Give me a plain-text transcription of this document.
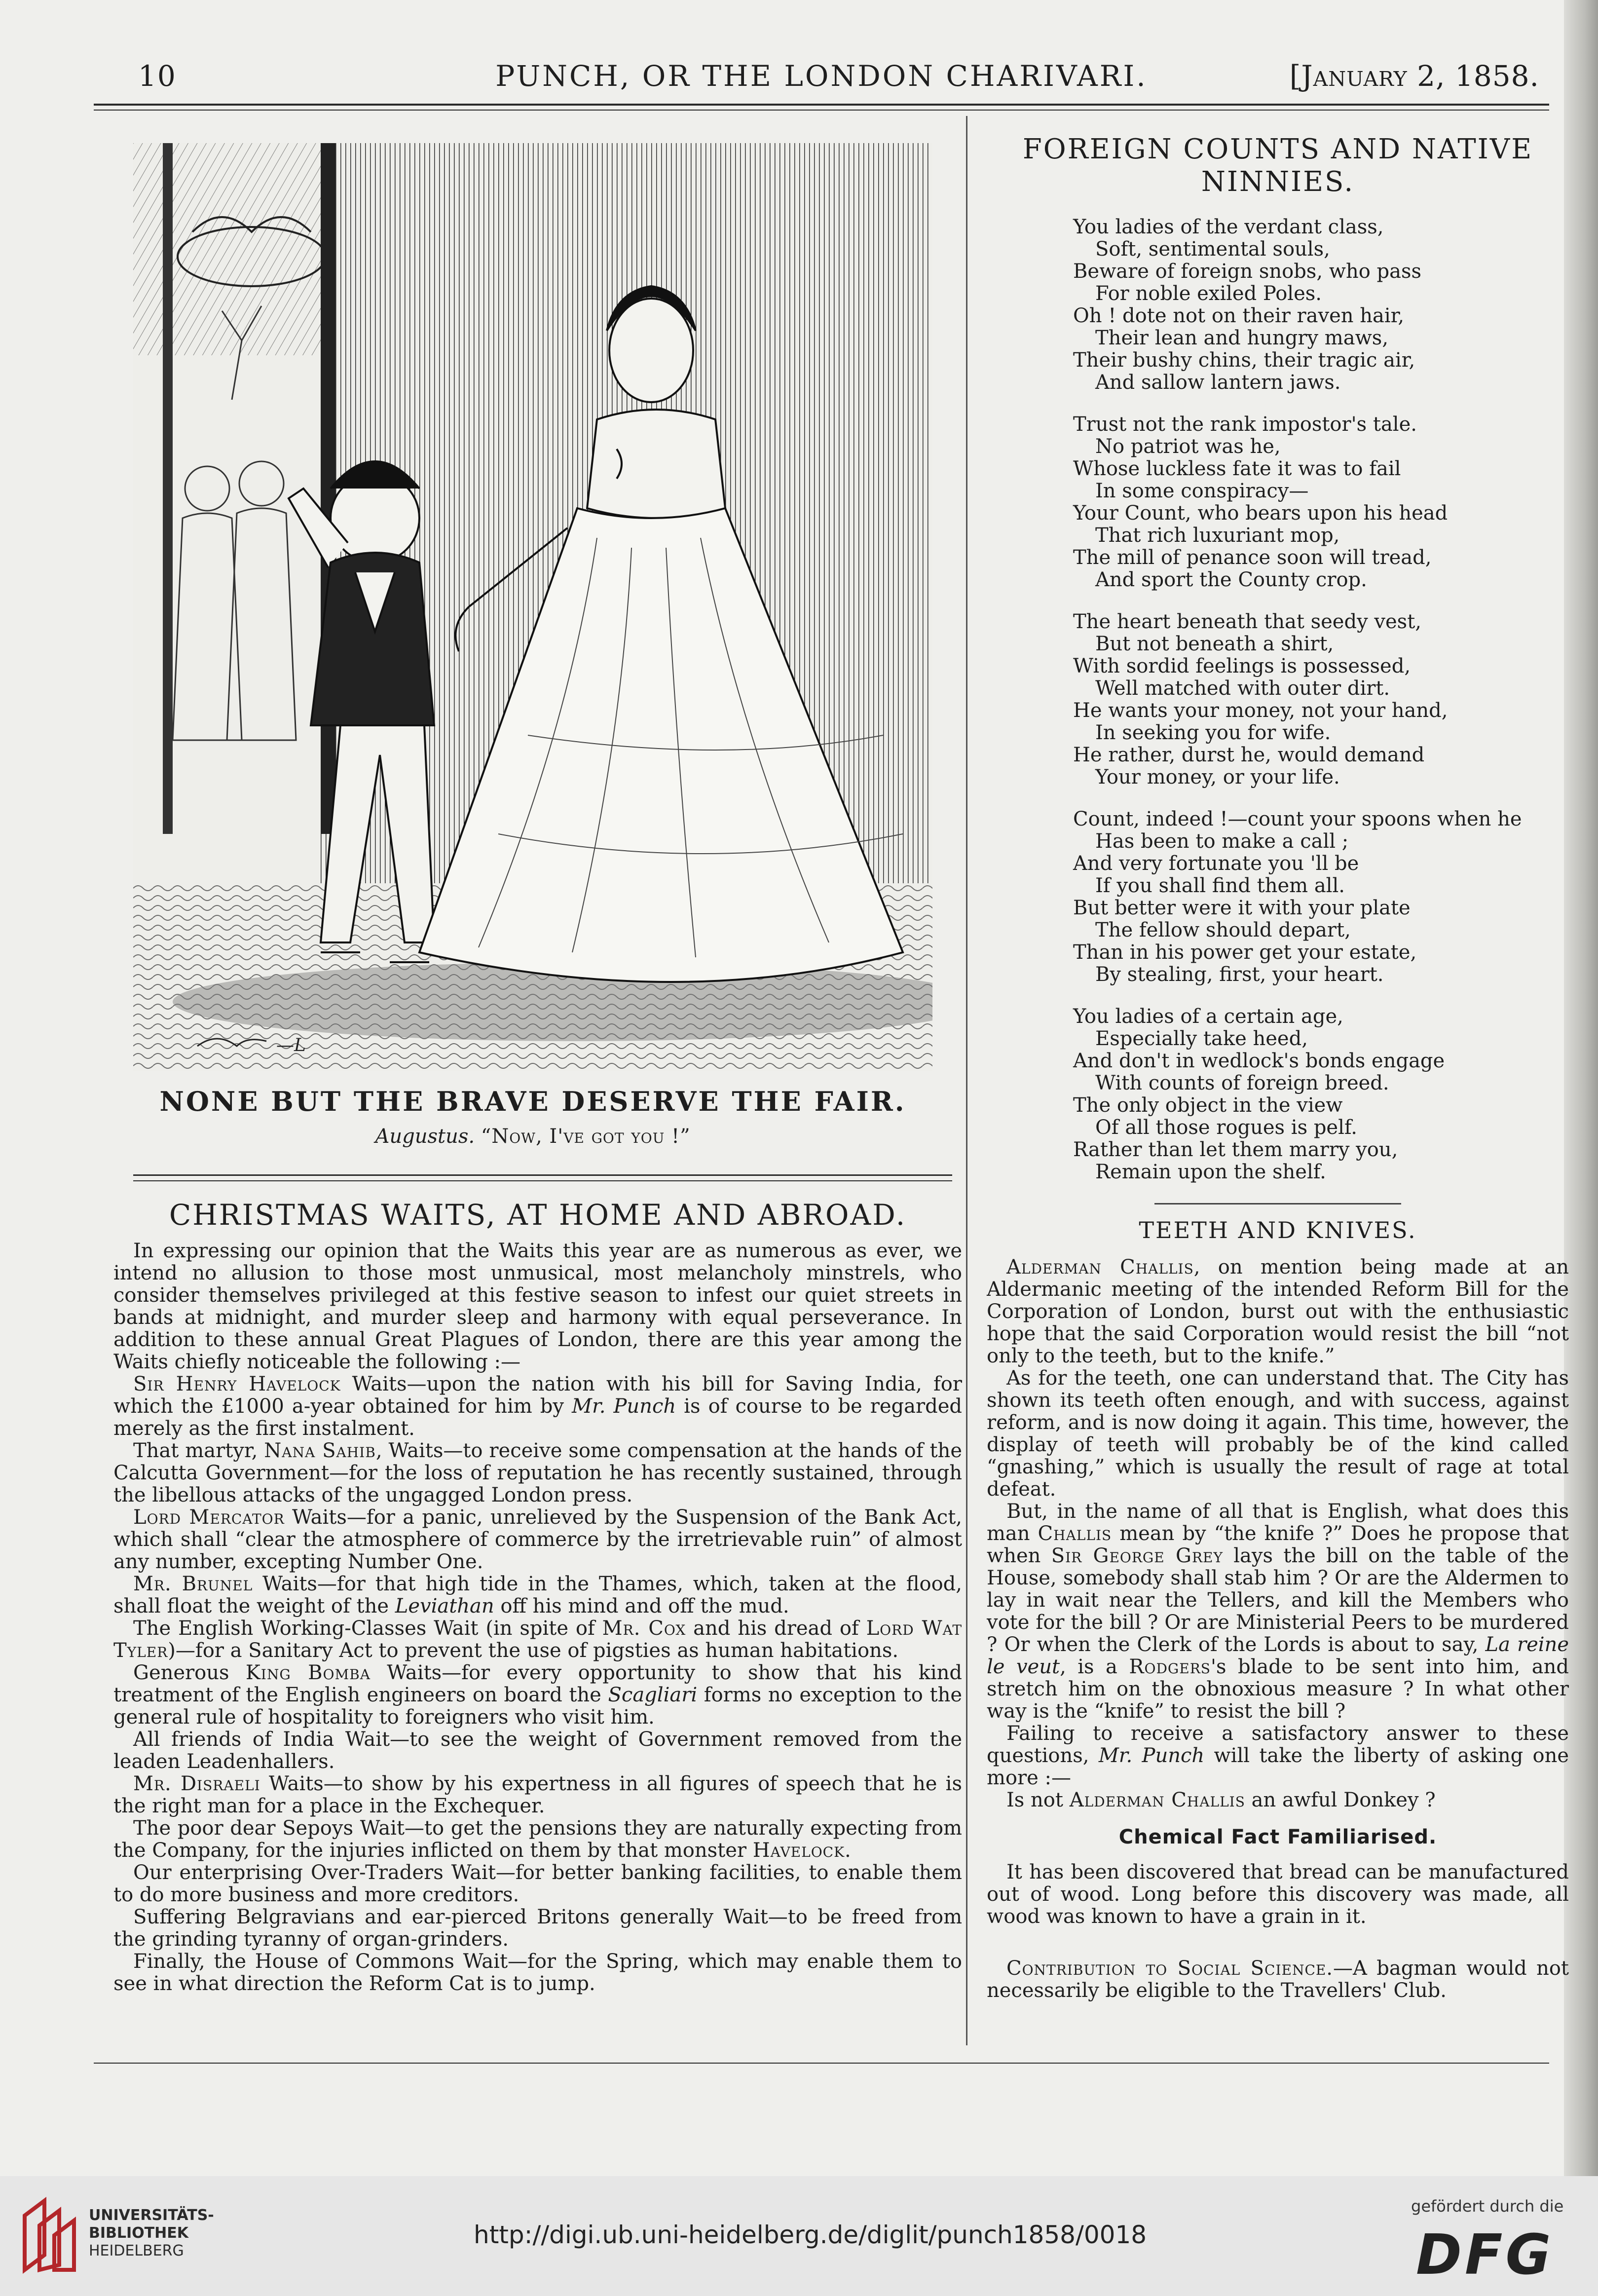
10	PUNCH, OR THE LONDON CHARIVARI.	[January 2, 1858.
—L
NONE BUT THE BRAVE DESERVE THE FAIR.
Augustus. “Now, I've got you !”
CHRISTMAS WAITS, AT HOME AND ABROAD.

In expressing our opinion that the Waits this year are as numerous as ever, we intend no allusion to those most unmusical, most melancholy minstrels, who consider themselves privileged at this festive season to infest our quiet streets in bands at midnight, and murder sleep and harmony with equal perseverance. In addition to these annual Great Plagues of London, there are this year among the Waits chiefly noticeable the following :—

Sir Henry Havelock Waits—upon the nation with his bill for Saving India, for which the £1000 a-year obtained for him by Mr. Punch is of course to be regarded merely as the first instalment.

That martyr, Nana Sahib, Waits—to receive some compensation at the hands of the Calcutta Government—for the loss of reputation he has recently sustained, through the libellous attacks of the ungagged London press.

Lord Mercator Waits—for a panic, unrelieved by the Suspension of the Bank Act, which shall “clear the atmosphere of commerce by the irretrievable ruin” of almost any number, excepting Number One.

Mr. Brunel Waits—for that high tide in the Thames, which, taken at the flood, shall float the weight of the Leviathan off his mind and off the mud.

The English Working-Classes Wait (in spite of Mr. Cox and his dread of Lord Wat Tyler)—for a Sanitary Act to prevent the use of pigsties as human habitations.

Generous King Bomba Waits—for every opportunity to show that his kind treatment of the English engineers on board the Scagliari forms no exception to the general rule of hospitality to foreigners who visit him.

All friends of India Wait—to see the weight of Government removed from the leaden Leadenhallers.

Mr. Disraeli Waits—to show by his expertness in all figures of speech that he is the right man for a place in the Exchequer.

The poor dear Sepoys Wait—to get the pensions they are naturally expecting from the Company, for the injuries inflicted on them by that monster Havelock.

Our enterprising Over-Traders Wait—for better banking facilities, to enable them to do more business and more creditors.

Suffering Belgravians and ear-pierced Britons generally Wait—to be freed from the grinding tyranny of organ-grinders.

Finally, the House of Commons Wait—for the Spring, which may enable them to see in what direction the Reform Cat is to jump.

FOREIGN COUNTS AND NATIVE NINNIES.
You ladies of the verdant class,
Soft, sentimental souls,
Beware of foreign snobs, who pass
For noble exiled Poles.
Oh ! dote not on their raven hair,
Their lean and hungry maws,
Their bushy chins, their tragic air,
And sallow lantern jaws.
Trust not the rank impostor's tale.
No patriot was he,
Whose luckless fate it was to fail
In some conspiracy—
Your Count, who bears upon his head
That rich luxuriant mop,
The mill of penance soon will tread,
And sport the County crop.
The heart beneath that seedy vest,
But not beneath a shirt,
With sordid feelings is possessed,
Well matched with outer dirt.
He wants your money, not your hand,
In seeking you for wife.
He rather, durst he, would demand
Your money, or your life.
Count, indeed !—count your spoons when he
Has been to make a call ;
And very fortunate you 'll be
If you shall find them all.
But better were it with your plate
The fellow should depart,
Than in his power get your estate,
By stealing, first, your heart.
You ladies of a certain age,
Especially take heed,
And don't in wedlock's bonds engage
With counts of foreign breed.
The only object in the view
Of all those rogues is pelf.
Rather than let them marry you,
Remain upon the shelf.
TEETH AND KNIVES.

Alderman Challis, on mention being made at an Aldermanic meeting of the intended Reform Bill for the Corporation of London, burst out with the enthusiastic hope that the said Corporation would resist the bill “not only to the teeth, but to the knife.”

As for the teeth, one can understand that. The City has shown its teeth often enough, and with success, against reform, and is now doing it again. This time, however, the display of teeth will probably be of the kind called “gnashing,” which is usually the result of rage at total defeat.

But, in the name of all that is English, what does this man Challis mean by “the knife ?” Does he propose that when Sir George Grey lays the bill on the table of the House, somebody shall stab him ? Or are the Aldermen to lay in wait near the Tellers, and kill the Members who vote for the bill ? Or are Ministerial Peers to be murdered ? Or when the Clerk of the Lords is about to say, La reine le veut, is a Rodgers's blade to be sent into him, and stretch him on the obnoxious measure ? In what other way is the “knife” to resist the bill ?

Failing to receive a satisfactory answer to these questions, Mr. Punch will take the liberty of asking one more :—

Is not Alderman Challis an awful Donkey ?

Chemical Fact Familiarised.

It has been discovered that bread can be manufactured out of wood. Long before this discovery was made, all wood was known to have a grain in it.

Contribution to Social Science.—A bagman would not necessarily be eligible to the Travellers' Club.

UNIVERSITÄTS-
BIBLIOTHEK
HEIDELBERG
http://digi.ub.uni-heidelberg.de/diglit/punch1858/0018
gefördert durch die
DFG
